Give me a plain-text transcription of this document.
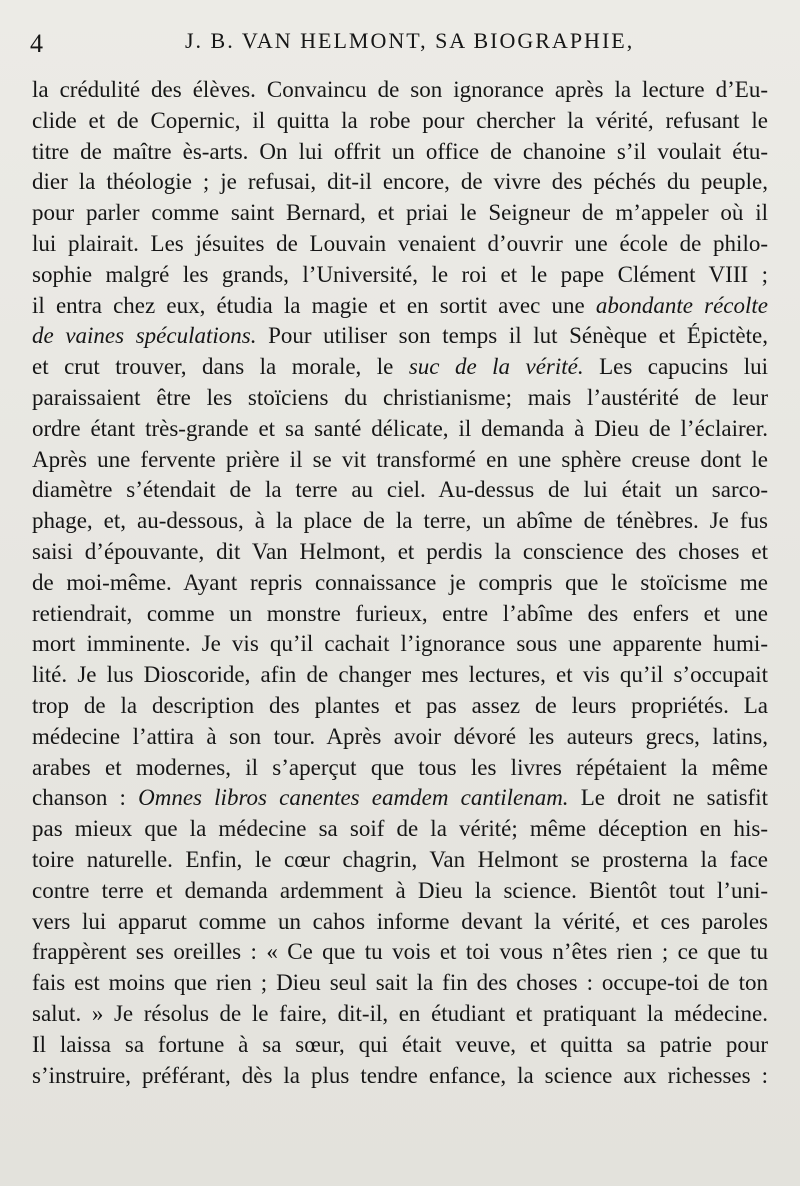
4	J. B. VAN HELMONT, SA BIOGRAPHIE,
la crédulité des élèves. Convaincu de son ignorance après la lecture d’Eu-
clide et de Copernic, il quitta la robe pour chercher la vérité, refusant le
titre de maître ès-arts. On lui offrit un office de chanoine s’il voulait étu-
dier la théologie ; je refusai, dit-il encore, de vivre des péchés du peuple,
pour parler comme saint Bernard, et priai le Seigneur de m’appeler où il
lui plairait. Les jésuites de Louvain venaient d’ouvrir une école de philo-
sophie malgré les grands, l’Université, le roi et le pape Clément VIII ;
il entra chez eux, étudia la magie et en sortit avec une abondante récolte
de vaines spéculations. Pour utiliser son temps il lut Sénèque et Épictète,
et crut trouver, dans la morale, le suc de la vérité. Les capucins lui
paraissaient être les stoïciens du christianisme; mais l’austérité de leur
ordre étant très-grande et sa santé délicate, il demanda à Dieu de l’éclairer.
Après une fervente prière il se vit transformé en une sphère creuse dont le
diamètre s’étendait de la terre au ciel. Au-dessus de lui était un sarco-
phage, et, au-dessous, à la place de la terre, un abîme de ténèbres. Je fus
saisi d’épouvante, dit Van Helmont, et perdis la conscience des choses et
de moi-même. Ayant repris connaissance je compris que le stoïcisme me
retiendrait, comme un monstre furieux, entre l’abîme des enfers et une
mort imminente. Je vis qu’il cachait l’ignorance sous une apparente humi-
lité. Je lus Dioscoride, afin de changer mes lectures, et vis qu’il s’occupait
trop de la description des plantes et pas assez de leurs propriétés. La
médecine l’attira à son tour. Après avoir dévoré les auteurs grecs, latins,
arabes et modernes, il s’aperçut que tous les livres répétaient la même
chanson : Omnes libros canentes eamdem cantilenam. Le droit ne satisfit
pas mieux que la médecine sa soif de la vérité; même déception en his-
toire naturelle. Enfin, le cœur chagrin, Van Helmont se prosterna la face
contre terre et demanda ardemment à Dieu la science. Bientôt tout l’uni-
vers lui apparut comme un cahos informe devant la vérité, et ces paroles
frappèrent ses oreilles : « Ce que tu vois et toi vous n’êtes rien ; ce que tu
fais est moins que rien ; Dieu seul sait la fin des choses : occupe-toi de ton
salut. » Je résolus de le faire, dit-il, en étudiant et pratiquant la médecine.
Il laissa sa fortune à sa sœur, qui était veuve, et quitta sa patrie pour
s’instruire, préférant, dès la plus tendre enfance, la science aux richesses :
